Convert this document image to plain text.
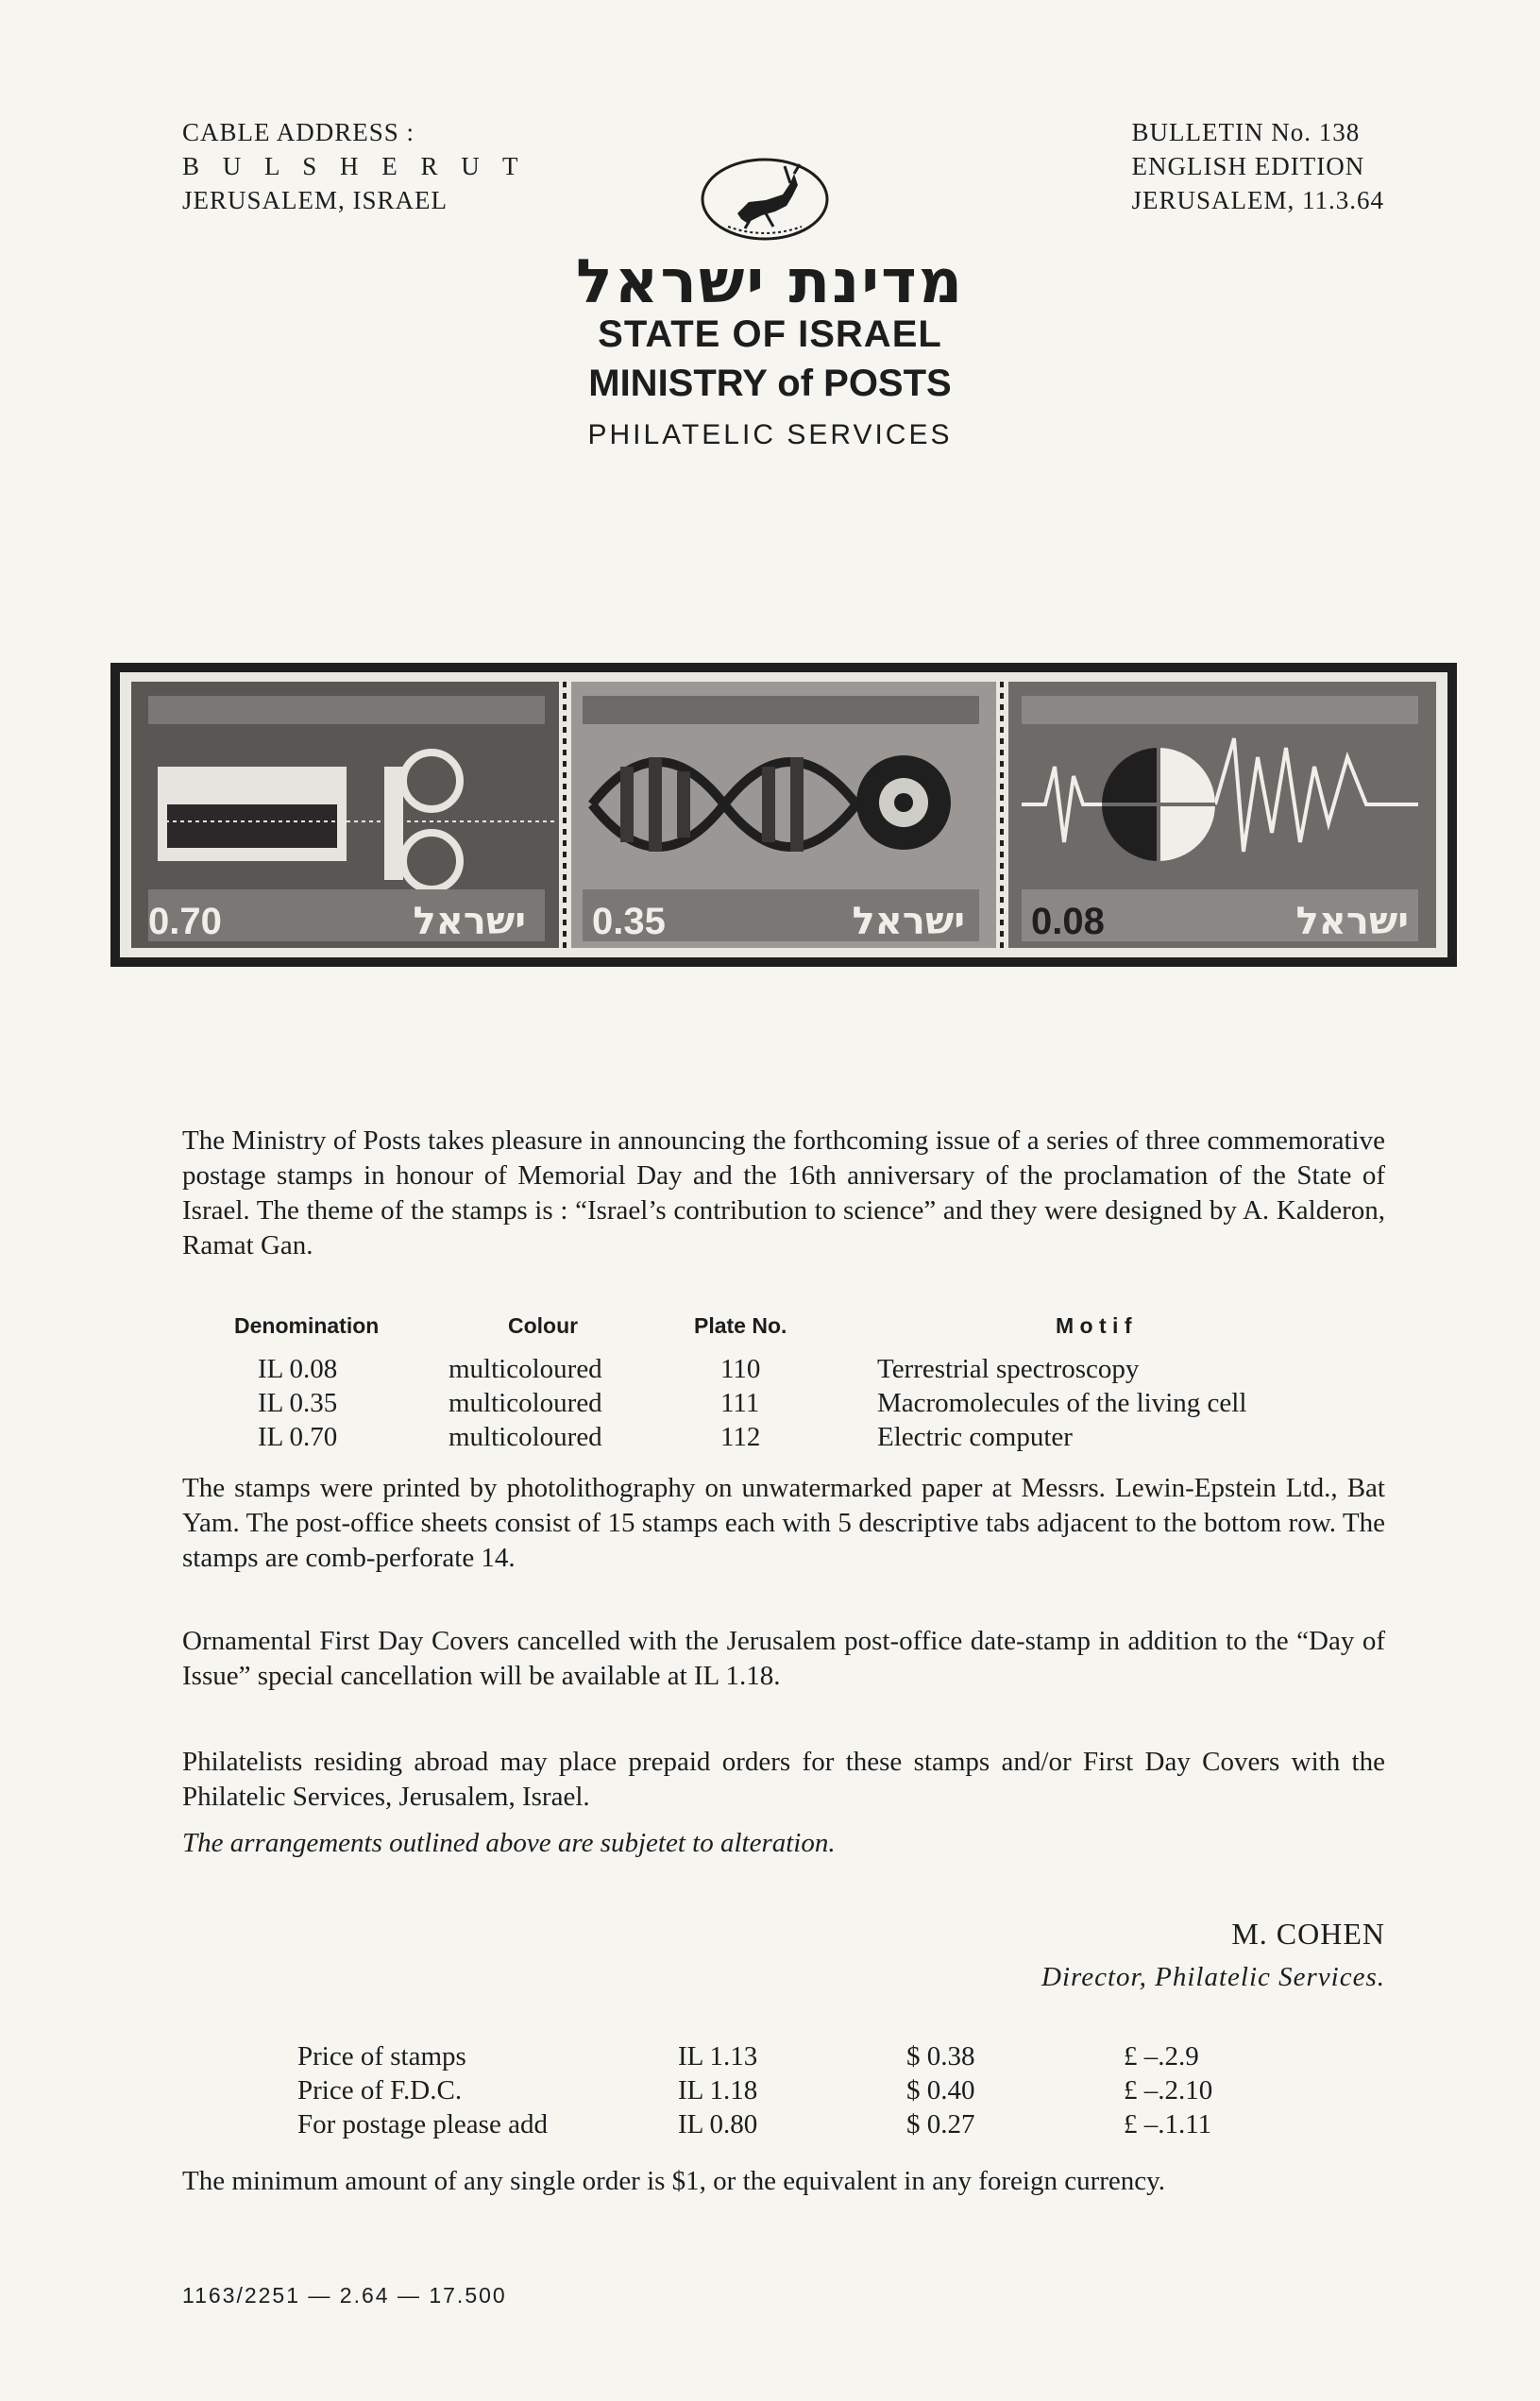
CABLE ADDRESS :
B U L S H E R U T
JERUSALEM, ISRAEL
BULLETIN No. 138
ENGLISH EDITION
JERUSALEM, 11.3.64
מדינת ישראל
STATE OF ISRAEL
MINISTRY of POSTS
PHILATELIC SERVICES
0.70	ישראל 0.35	ישראל 0.08	ישראל
The Ministry of Posts takes pleasure in announcing the forthcoming issue of a series of three commemorative postage stamps in honour of Memorial Day and the 16th anniversary of the proclamation of the State of Israel. The theme of the stamps is : “Israel’s contribution to science” and they were designed by A. Kalderon, Ramat Gan.
Denomination	Colour	Plate No.	M o t i f
IL 0.08	multicoloured	110	Terrestrial spectroscopy
IL 0.35	multicoloured	111	Macromolecules of the living cell
IL 0.70	multicoloured	112	Electric computer
The stamps were printed by photolithography on unwatermarked paper at Messrs. Lewin-Epstein Ltd., Bat Yam. The post-office sheets consist of 15 stamps each with 5 descriptive tabs adjacent to the bottom row. The stamps are comb-perforate 14.
Ornamental First Day Covers cancelled with the Jerusalem post-office date-stamp in addition to the “Day of Issue” special cancellation will be available at IL 1.18.
Philatelists residing abroad may place prepaid orders for these stamps and/or First Day Covers with the Philatelic Services, Jerusalem, Israel.
The arrangements outlined above are subjetet to alteration.
M. COHEN
Director, Philatelic Services.
Price of stamps	IL 1.13	$ 0.38	£ –.2.9
Price of F.D.C.	IL 1.18	$ 0.40	£ –.2.10
For postage please add	IL 0.80	$ 0.27	£ –.1.11
The minimum amount of any single order is $1, or the equivalent in any foreign currency.
1163/2251 — 2.64 — 17.500
